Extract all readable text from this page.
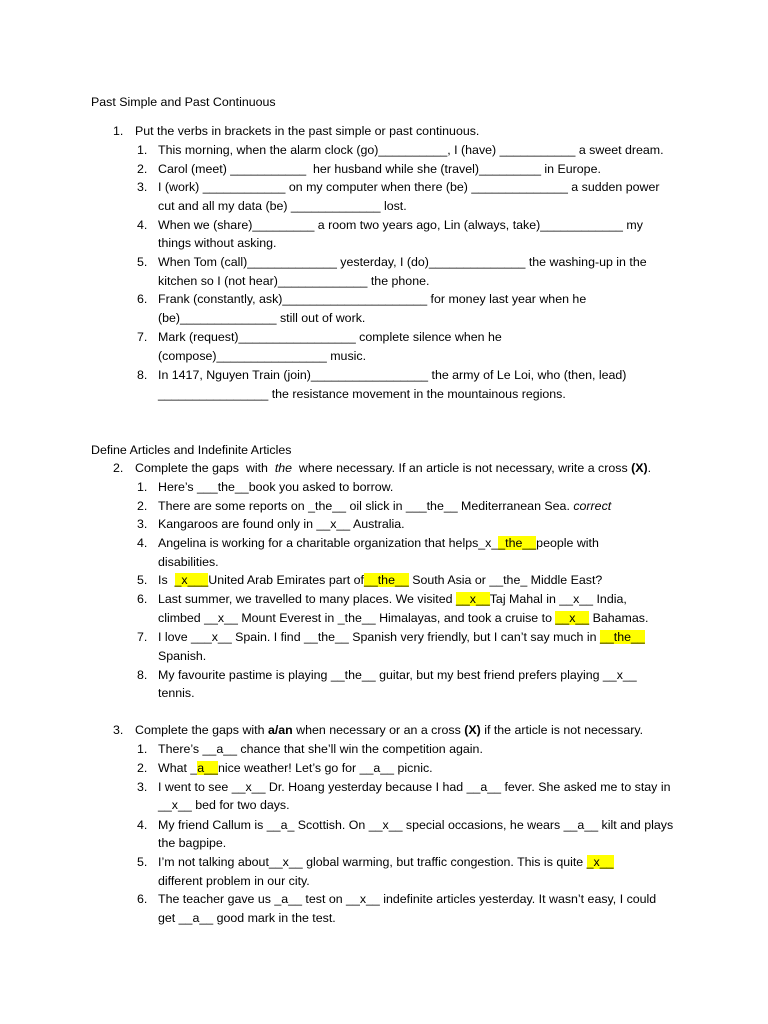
Past Simple and Past Continuous
1. Put the verbs in brackets in the past simple or past continuous.
1. This morning, when the alarm clock (go)__________, I (have) ___________ a sweet dream.
2. Carol (meet) ___________  her husband while she (travel)_________ in Europe.
3. I (work) ____________ on my computer when there (be) ______________ a sudden power
cut and all my data (be) _____________ lost.
4. When we (share)_________ a room two years ago, Lin (always, take)____________ my
things without asking.
5. When Tom (call)_____________ yesterday, I (do)______________ the washing-up in the
kitchen so I (not hear)_____________ the phone.
6. Frank (constantly, ask)_____________________ for money last year when he
(be)______________ still out of work.
7. Mark (request)_________________ complete silence when he
(compose)________________ music.
8. In 1417, Nguyen Train (join)_________________ the army of Le Loi, who (then, lead)
________________ the resistance movement in the mountainous regions.
Define Articles and Indefinite Articles
2. Complete the gaps  with  the  where necessary. If an article is not necessary, write a cross (X).
1. Here’s ___the__book you asked to borrow.
2. There are some reports on _the__ oil slick in ___the__ Mediterranean Sea. correct
3. Kangaroos are found only in __x__ Australia.
4. Angelina is working for a charitable organization that helps_x__the__people with
disabilities.
5. Is  _x___United Arab Emirates part of__the__ South Asia or __the_ Middle East?
6. Last summer, we travelled to many places. We visited __x__Taj Mahal in __x__ India,
climbed __x__ Mount Everest in _the__ Himalayas, and took a cruise to __x__ Bahamas.
7. I love ___x__ Spain. I find __the__ Spanish very friendly, but I can’t say much in __the__
Spanish.
8. My favourite pastime is playing __the__ guitar, but my best friend prefers playing __x__
tennis.
3. Complete the gaps with a/an when necessary or an a cross (X) if the article is not necessary.
1. There’s __a__ chance that she’ll win the competition again.
2. What _a__nice weather! Let’s go for __a__ picnic.
3. I went to see __x__ Dr. Hoang yesterday because I had __a__ fever. She asked me to stay in
__x__ bed for two days.
4. My friend Callum is __a_ Scottish. On __x__ special occasions, he wears __a__ kilt and plays
the bagpipe.
5. I’m not talking about__x__ global warming, but traffic congestion. This is quite _x__
different problem in our city.
6. The teacher gave us _a__ test on __x__ indefinite articles yesterday. It wasn’t easy, I could
get __a__ good mark in the test.
